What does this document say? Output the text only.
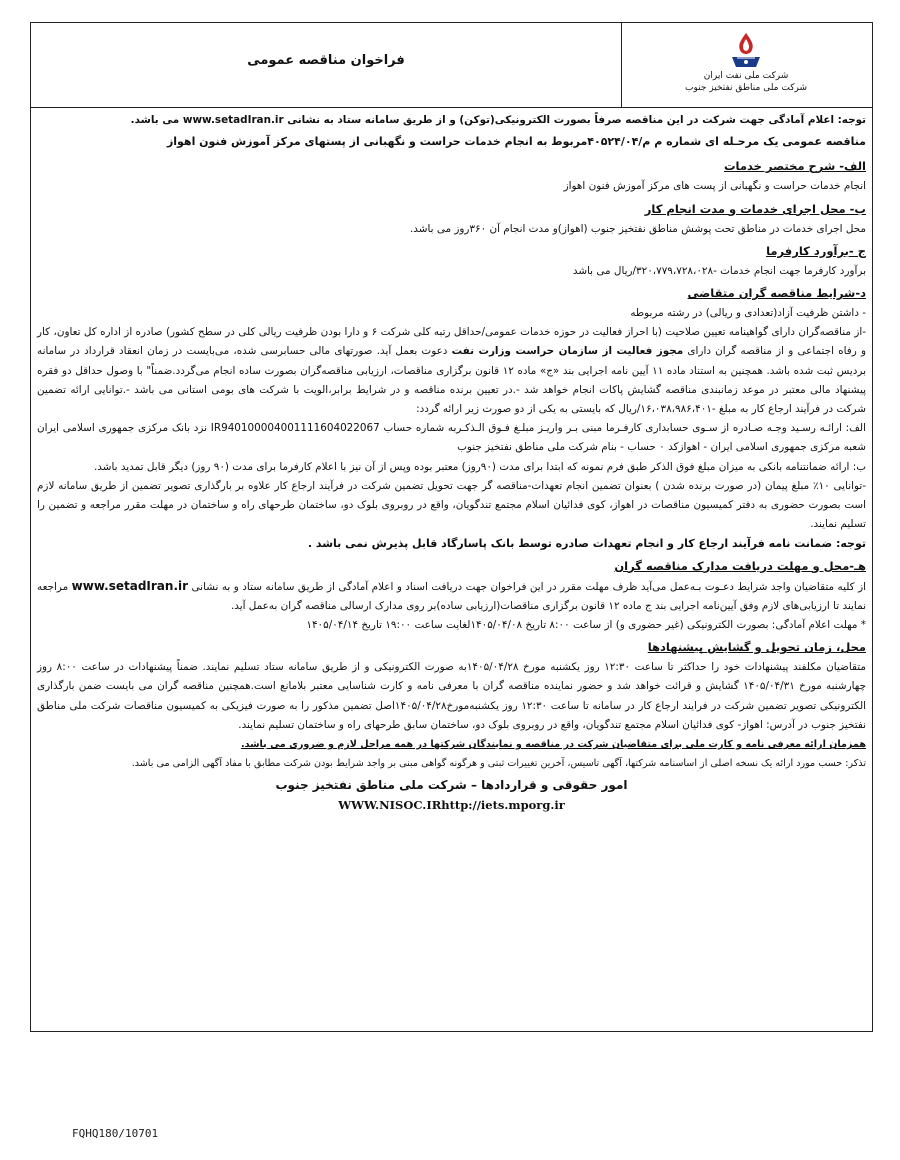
فراخوان مناقصه عمومی
شرکت ملی نفت ایران
شرکت ملی مناطق نفتخیز جنوب

توجه: اعلام آمادگی جهت شرکت در این مناقصه صرفاً بصورت الکترونیکی(توکن) و از طریق سامانه ستاد به نشانی www.setadIran.ir می باشد.

مناقصه عمومی یک مرحـله ای شماره م م/۴۰۵۲۴/۰۴مربوط به انجام خدمات حراست و نگهبانی از پستهای مرکز آموزش فنون اهواز

الف- شرح مختصر خدمات

انجام خدمات حراست و نگهبانی از پست های مرکز آموزش فنون اهواز

ب- محل اجرای خدمات و مدت انجام کار

محل اجرای خدمات در مناطق تحت پوشش مناطق نفتخیز جنوب (اهواز)و مدت انجام آن ۳۶۰روز می باشد.

ج -برآورد کارفرما

برآورد کارفرما جهت انجام خدمات -۳۲۰،۷۷۹،۷۲۸،۰۲۸/ریال می باشد

د-شرایط مناقصه گران متقاضی

- داشتن ظرفیت آزاد(تعدادی و ریالی) در رشته مربوطه

-از مناقصه‌گران دارای گواهینامه تعیین صلاحیت (با احراز فعالیت در حوزه خدمات عمومی/حداقل رتبه کلی شرکت ۶ و دارا بودن ظرفیت ریالی کلی در سطح کشور) صادره از اداره کل تعاون، کار و رفاه اجتماعی و از مناقصه گران دارای مجوز فعالیت از سازمان حراست وزارت نفت دعوت بعمل آید. صورتهای مالی حسابرسی شده، می‌بایست در زمان انعقاد قرارداد در سامانه بردیس ثبت شده باشد. همچنین به استناد ماده ۱۱ آیین نامه اجرایی بند «ج» ماده ۱۲ قانون برگزاری مناقصات، ارزیابی مناقصه‌گران بصورت ساده انجام می‌گردد.ضمناً" با وصول حداقل دو فقره پیشنهاد مالی معتبر در موعد زمانبندی مناقصه گشایش پاکات انجام خواهد شد -.در تعیین برنده مناقصه و در شرایط برابر،الویت با شرکت های بومی استانی می باشد -.توانایی ارائه تضمین شرکت در فرآیند ارجاع کار به مبلغ -۱۶،۰۳۸،۹۸۶،۴۰۱/ریال که بایستی به یکی از دو صورت زیر ارائه گردد:

الف: ارائـه رسـید وجـه صـادره از سـوی حسابداری کارفـرما مبنی بـر واریـز مبلـغ فـوق الـذکـربه شماره حساب IR940100004001111604022067 نزد بانک مرکزی جمهوری اسلامی ایران شعبه مرکزی جمهوری اسلامی ایران - اهوازکد ۰ حساب - بنام شرکت ملی مناطق نفتخیز جنوب

ب: ارائه ضمانتنامه بانکی به میزان مبلغ فوق الذکر طبق فرم نمونه که ابتدا برای مدت (۹۰روز) معتبر بوده وپس از آن نیز با اعلام کارفرما برای مدت (۹۰ روز) دیگر قابل تمدید باشد.

-توانایی ۱۰٪ مبلغ پیمان (در صورت برنده شدن ) بعنوان تضمین انجام تعهدات-مناقصه گر جهت تحویل تضمین شرکت در فرآیند ارجاع کار علاوه بر بارگذاری تصویر تضمین از طریق سامانه لازم است بصورت حضوری به دفتر کمیسیون مناقصات در اهواز، کوی فدائیان اسلام مجتمع تندگویان، واقع در روبروی بلوک دو، ساختمان طرحهای راه و ساختمان در مهلت مقرر مراجعه و تضمین را تسلیم نمایند.

توجه: ضمانت نامه فرآیند ارجاع کار و انجام تعهدات صادره توسط بانک پاسارگاد قابل پذیرش نمی باشد .

هـ-محل و مهلت دریافت مدارک مناقصه گران

از کلیه متقاضیان واجد شرایط دعـوت بـه‌عمل می‌آید ظرف مهلت مقرر در این فراخوان جهت دریافت اسناد و اعلام آمادگی از طریق سامانه ستاد و به نشانی www.setadIran.ir مراجعه نمایند تا ارزیابی‌های لازم وفق آیین‌نامه اجرایی بند ج ماده ۱۲ قانون برگزاری مناقصات(ارزیابی ساده)بر روی مدارک ارسالی مناقصه گران به‌عمل آید.

* مهلت اعلام آمادگی: بصورت الکترونیکی (غیر حضوری و) از ساعت ۸:۰۰ تاریخ ۱۴۰۵/۰۴/۰۸لغایت ساعت ۱۹:۰۰ تاریخ ۱۴۰۵/۰۴/۱۴

محل، زمان تحویل و گشایش پیشنهادها

متقاضیان مکلفند پیشنهادات خود را حداکثر تا ساعت ۱۲:۳۰ روز یکشنبه مورخ ۱۴۰۵/۰۴/۲۸به صورت الکترونیکی و از طریق سامانه ستاد تسلیم نمایند. ضمناً پیشنهادات در ساعت ۸:۰۰ روز چهارشنبه مورخ ۱۴۰۵/۰۴/۳۱ گشایش و قرائت خواهد شد و حضور نماینده مناقصه گران با معرفی نامه و کارت شناسایی معتبر بلامانع است.همچنین مناقصه گران می بایست ضمن بارگذاری الکترونیکی تصویر تضمین شرکت در فرایند ارجاع کار در سامانه تا ساعت ۱۲:۳۰ روز یکشنبه‌مورخ۱۴۰۵/۰۴/۲۸اصل تضمین مذکور را به صورت فیزیکی به کمیسیون مناقصات شرکت ملی مناطق نفتخیز جنوب در آدرس: اهواز- کوی فدائیان اسلام مجتمع تندگویان، واقع در روبروی بلوک دو، ساختمان سابق طرحهای راه و ساختمان تسلیم نمایند.

همزمان ارائه معرفی نامه و کارت ملی برای متقاضیان شرکت در مناقصه و نمایندگان شرکتها در همه مراحل لازم و ضروری می باشد.

تذکر: حسب مورد ارائه یک نسخه اصلی از اساسنامه شرکتها، آگهی تاسیس، آخرین تغییرات ثبتی و هرگونه گواهی مبنی بر واجد شرایط بودن شرکت مطابق با مفاد آگهی الزامی می باشد.

امور حقوقی و قراردادها – شرکت ملی مناطق نفتخیز جنوب

WWW.NISOC.IRhttp://iets.mporg.ir

FQHQ180/10701
